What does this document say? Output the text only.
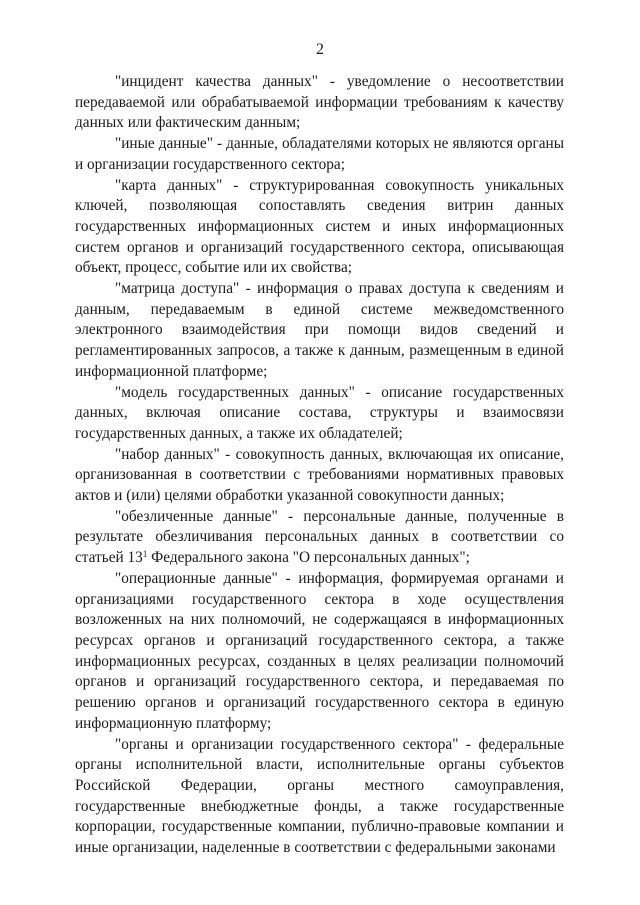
2

"инцидент качества данных" - уведомление о несоответствии передаваемой или обрабатываемой информации требованиям к качеству данных или фактическим данным;

"иные данные" - данные, обладателями которых не являются органы и организации государственного сектора;

"карта данных" - структурированная совокупность уникальных ключей, позволяющая сопоставлять сведения витрин данных государственных информационных систем и иных информационных систем органов и организаций государственного сектора, описывающая объект, процесс, событие или их свойства;

"матрица доступа" - информация о правах доступа к сведениям и данным, передаваемым в единой системе межведомственного электронного взаимодействия при помощи видов сведений и регламентированных запросов, а также к данным, размещенным в единой информационной платформе;

"модель государственных данных" - описание государственных данных, включая описание состава, структуры и взаимосвязи государственных данных, а также их обладателей;

"набор данных" - совокупность данных, включающая их описание, организованная в соответствии с требованиями нормативных правовых актов и (или) целями обработки указанной совокупности данных;

"обезличенные данные" - персональные данные, полученные в результате обезличивания персональных данных в соответствии со статьей $13^1$ Федерального закона "О персональных данных";

"операционные данные" - информация, формируемая органами и организациями государственного сектора в ходе осуществления возложенных на них полномочий, не содержащаяся в информационных ресурсах органов и организаций государственного сектора, а также информационных ресурсах, созданных в целях реализации полномочий органов и организаций государственного сектора, и передаваемая по решению органов и организаций государственного сектора в единую информационную платформу;

"органы и организации государственного сектора" - федеральные органы исполнительной власти, исполнительные органы субъектов Российской Федерации, органы местного самоуправления, государственные внебюджетные фонды, а также государственные корпорации, государственные компании, публично-правовые компании и иные организации, наделенные в соответствии с федеральными законами
